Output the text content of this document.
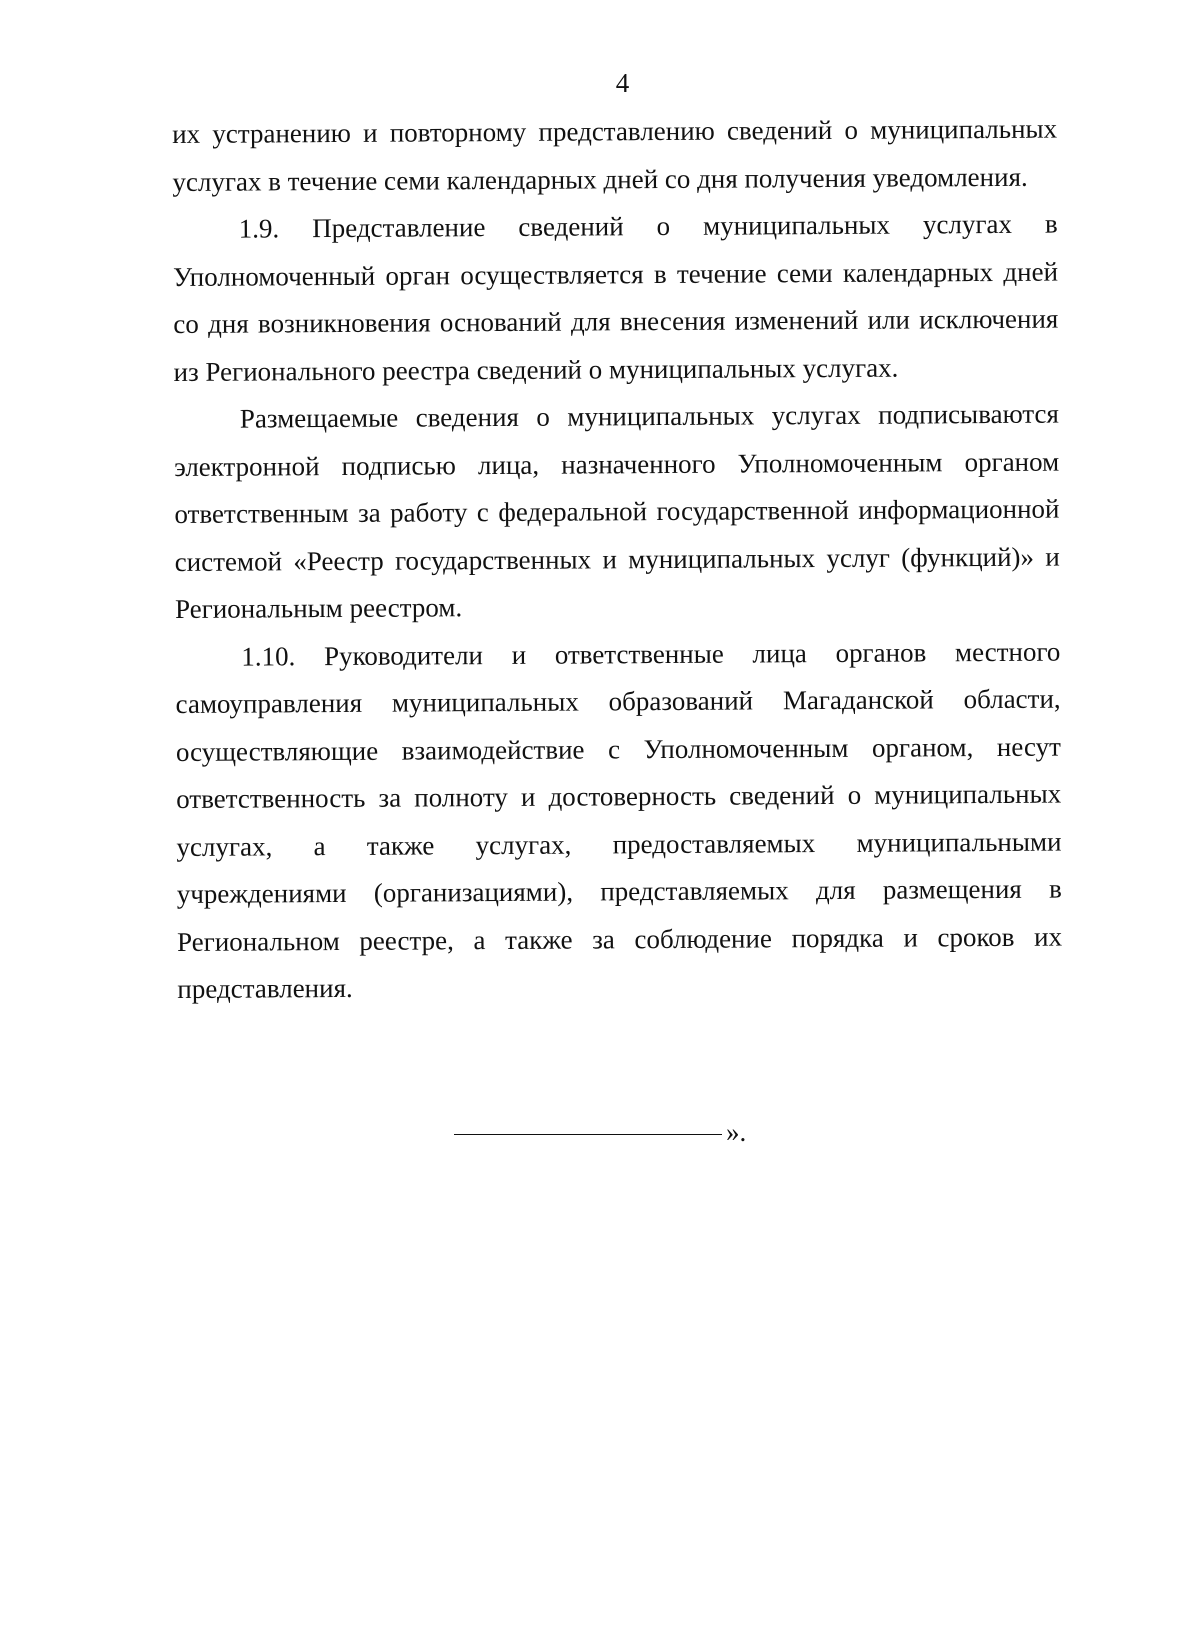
4

их устранению и повторному представлению сведений о муниципальных услугах в течение семи календарных дней со дня получения уведомления.

1.9. Представление сведений о муниципальных услугах в Уполномоченный орган осуществляется в течение семи календарных дней со дня возникновения оснований для внесения изменений или исключения из Регионального реестра сведений о муниципальных услугах.

Размещаемые сведения о муниципальных услугах подписываются электронной подписью лица, назначенного Уполномоченным органом ответственным за работу с федеральной государственной информационной системой «Реестр государственных и муниципальных услуг (функций)» и Региональным реестром.

1.10. Руководители и ответственные лица органов местного самоуправления муниципальных образований Магаданской области, осуществляющие взаимодействие с Уполномоченным органом, несут ответственность за полноту и достоверность сведений о муниципальных услугах, а также услугах, предоставляемых муниципальными учреждениями (организациями), представляемых для размещения в Региональном реестре, а также за соблюдение порядка и сроков их представления.

».
